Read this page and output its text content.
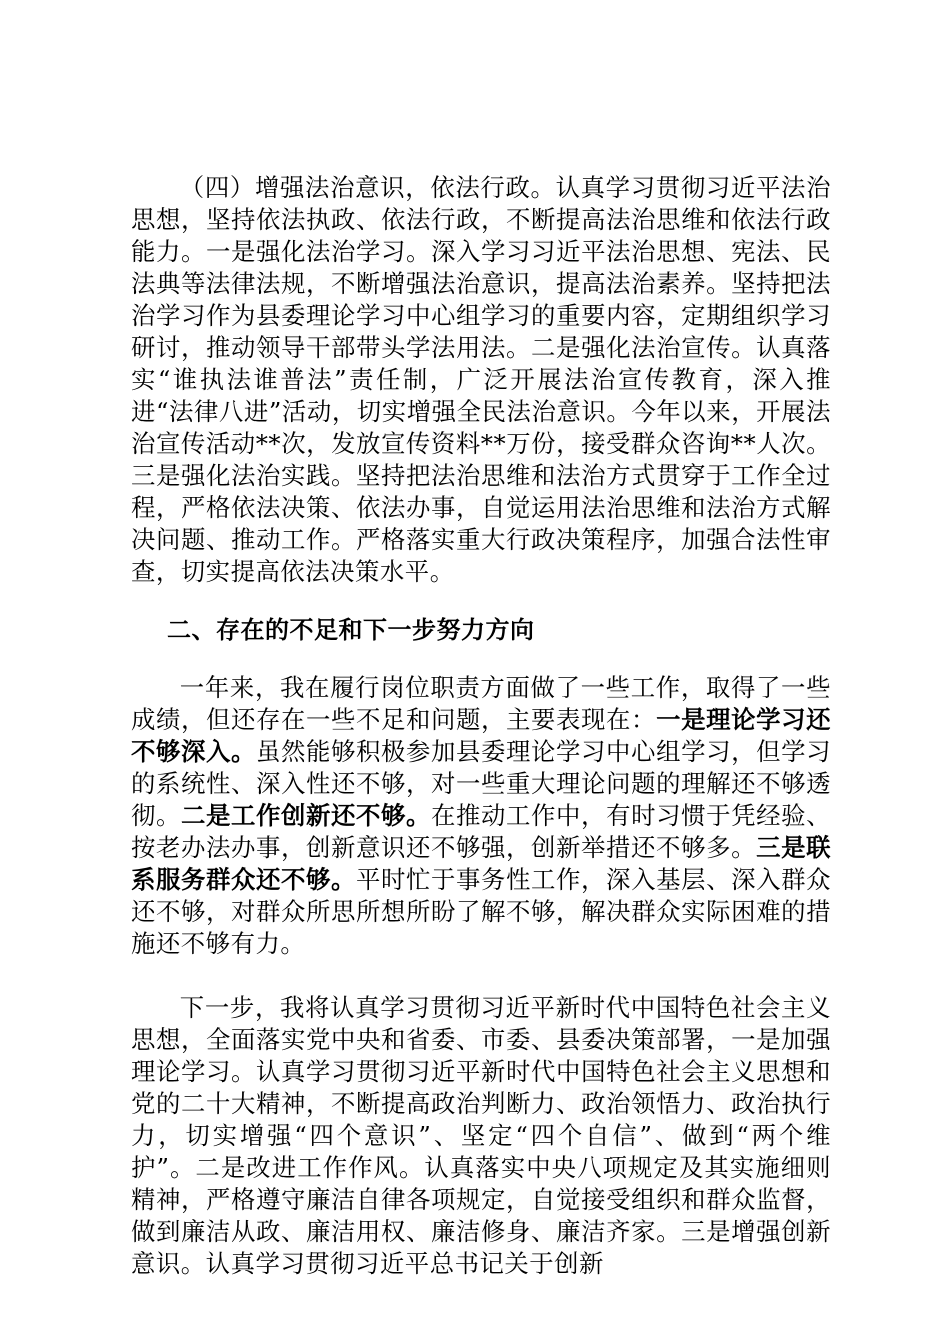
（四）增强法治意识，依法行政。认真学习贯彻习近平法治思想，坚持依法执政、依法行政，不断提高法治思维和依法行政能力。一是强化法治学习。深入学习习近平法治思想、宪法、民法典等法律法规，不断增强法治意识，提高法治素养。坚持把法治学习作为县委理论学习中心组学习的重要内容，定期组织学习研讨，推动领导干部带头学法用法。二是强化法治宣传。认真落实“谁执法谁普法”责任制，广泛开展法治宣传教育，深入推进“法律八进”活动，切实增强全民法治意识。今年以来，开展法治宣传活动**次，发放宣传资料**万份，接受群众咨询**人次。三是强化法治实践。坚持把法治思维和法治方式贯穿于工作全过程，严格依法决策、依法办事，自觉运用法治思维和法治方式解决问题、推动工作。严格落实重大行政决策程序，加强合法性审查，切实提高依法决策水平。

二、存在的不足和下一步努力方向

一年来，我在履行岗位职责方面做了一些工作，取得了一些成绩，但还存在一些不足和问题，主要表现在：一是理论学习还不够深入。虽然能够积极参加县委理论学习中心组学习，但学习的系统性、深入性还不够，对一些重大理论问题的理解还不够透彻。二是工作创新还不够。在推动工作中，有时习惯于凭经验、按老办法办事，创新意识还不够强，创新举措还不够多。三是联系服务群众还不够。平时忙于事务性工作，深入基层、深入群众还不够，对群众所思所想所盼了解不够，解决群众实际困难的措施还不够有力。

下一步，我将认真学习贯彻习近平新时代中国特色社会主义思想，全面落实党中央和省委、市委、县委决策部署，一是加强理论学习。认真学习贯彻习近平新时代中国特色社会主义思想和党的二十大精神，不断提高政治判断力、政治领悟力、政治执行力，切实增强“四个意识”、坚定“四个自信”、做到“两个维护”。二是改进工作作风。认真落实中央八项规定及其实施细则精神，严格遵守廉洁自律各项规定，自觉接受组织和群众监督，做到廉洁从政、廉洁用权、廉洁修身、廉洁齐家。三是增强创新意识。认真学习贯彻习近平总书记关于创新
